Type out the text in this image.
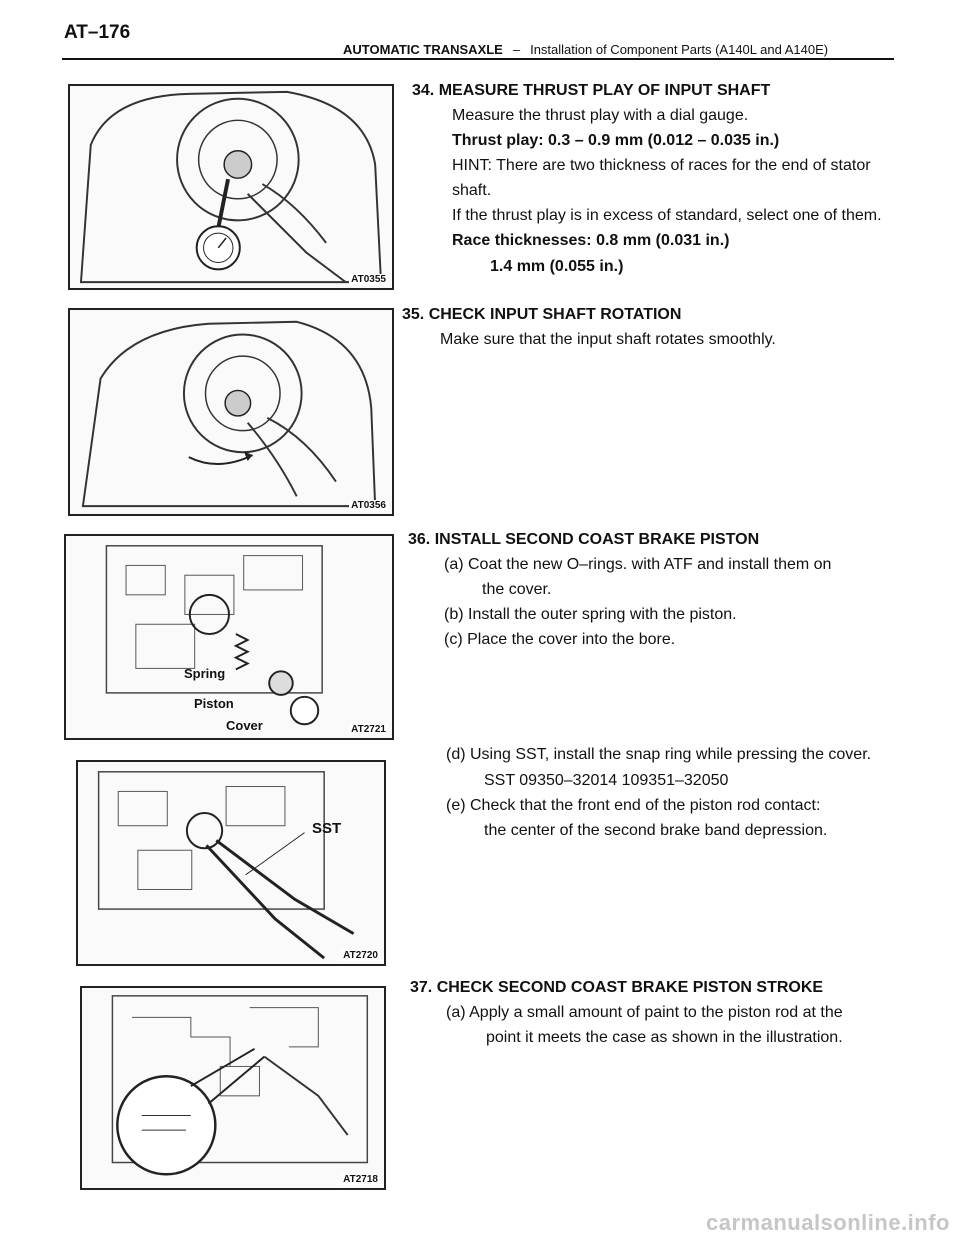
AT–176
AUTOMATIC TRANSAXLE – Installation of Component Parts (A140L and A140E)
AT0355
34. MEASURE THRUST PLAY OF INPUT SHAFT
Measure the thrust play with a dial gauge.
Thrust play: 0.3 – 0.9 mm (0.012 – 0.035 in.)
HINT: There are two thickness of races for the end of stator
shaft.
If the thrust play is in excess of standard, select one of them.
Race thicknesses: 0.8 mm (0.031 in.)
1.4 mm (0.055 in.)
AT0356
35. CHECK INPUT SHAFT ROTATION
Make sure that the input shaft rotates smoothly.
Spring
Piston
Cover	AT2721
36. INSTALL SECOND COAST BRAKE PISTON
(a) Coat the new O–rings. with ATF and install them on
the cover.
(b) Install the outer spring with the piston.
(c) Place the cover into the bore.
SST
AT2720
(d) Using SST, install the snap ring while pressing the cover.
SST 09350–32014 109351–32050
(e) Check that the front end of the piston rod contact:
the center of the second brake band depression.
AT2718
37. CHECK SECOND COAST BRAKE PISTON STROKE
(a) Apply a small amount of paint to the piston rod at the
point it meets the case as shown in the illustration.
carmanualsonline.info
